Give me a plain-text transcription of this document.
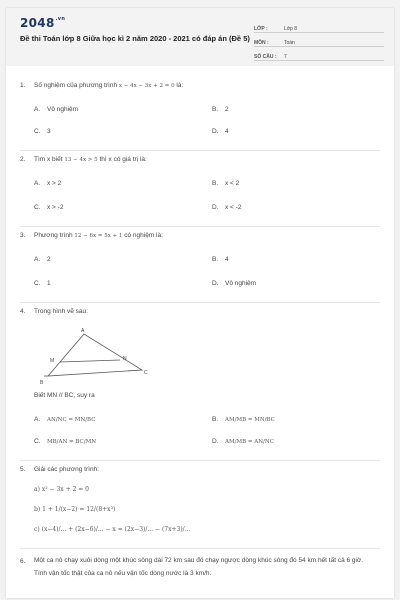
$2048^{.vn}$
Đề thi Toán lớp 8 Giữa học kì 2 năm 2020 - 2021 có đáp án (Đề 5)
LỚP :	Lớp 8
MÔN :	Toán
SỐ CÂU :	7
1.	Số nghiệm của phương trình x − 4x − 3x + 2 = 0 là:
A. Vô nghiệm	B. 2
C. 3	D. 4
2.	Tìm x biết 13 − 4x > 5 thì x có giá trị là:
A. x > 2	B. x < 2
C. x > -2	D. x < -2
3.	Phương trình 12 − 6x = 5x + 1 có nghiệm là:
A. 2	B. 4
C. 1	D. Vô nghiệm
4.	Trong hình vẽ sau:
A
M	N
B
C
Biết MN // BC, suy ra
A. AN/NC = MN/BC	B. AM/MB = MN/BC
C. MB/AN = BC/MN	D. AM/MB = AN/NC
5.	Giải các phương trình:
a) x² − 3x + 2 = 0
b) 1 + 1/(x−2) = 12/(8+x³)
c) (x−4)/... + (2x−6)/... − x = (2x−3)/... − (7x+3)/...
6.	Một ca nô chạy xuôi dòng một khúc sông dài 72 km sau đó chạy ngược dòng khúc sông đó 54 km hết tất cả 6 giờ. Tính vận tốc thật của ca nô nếu vận tốc dòng nước là 3 km/h.
